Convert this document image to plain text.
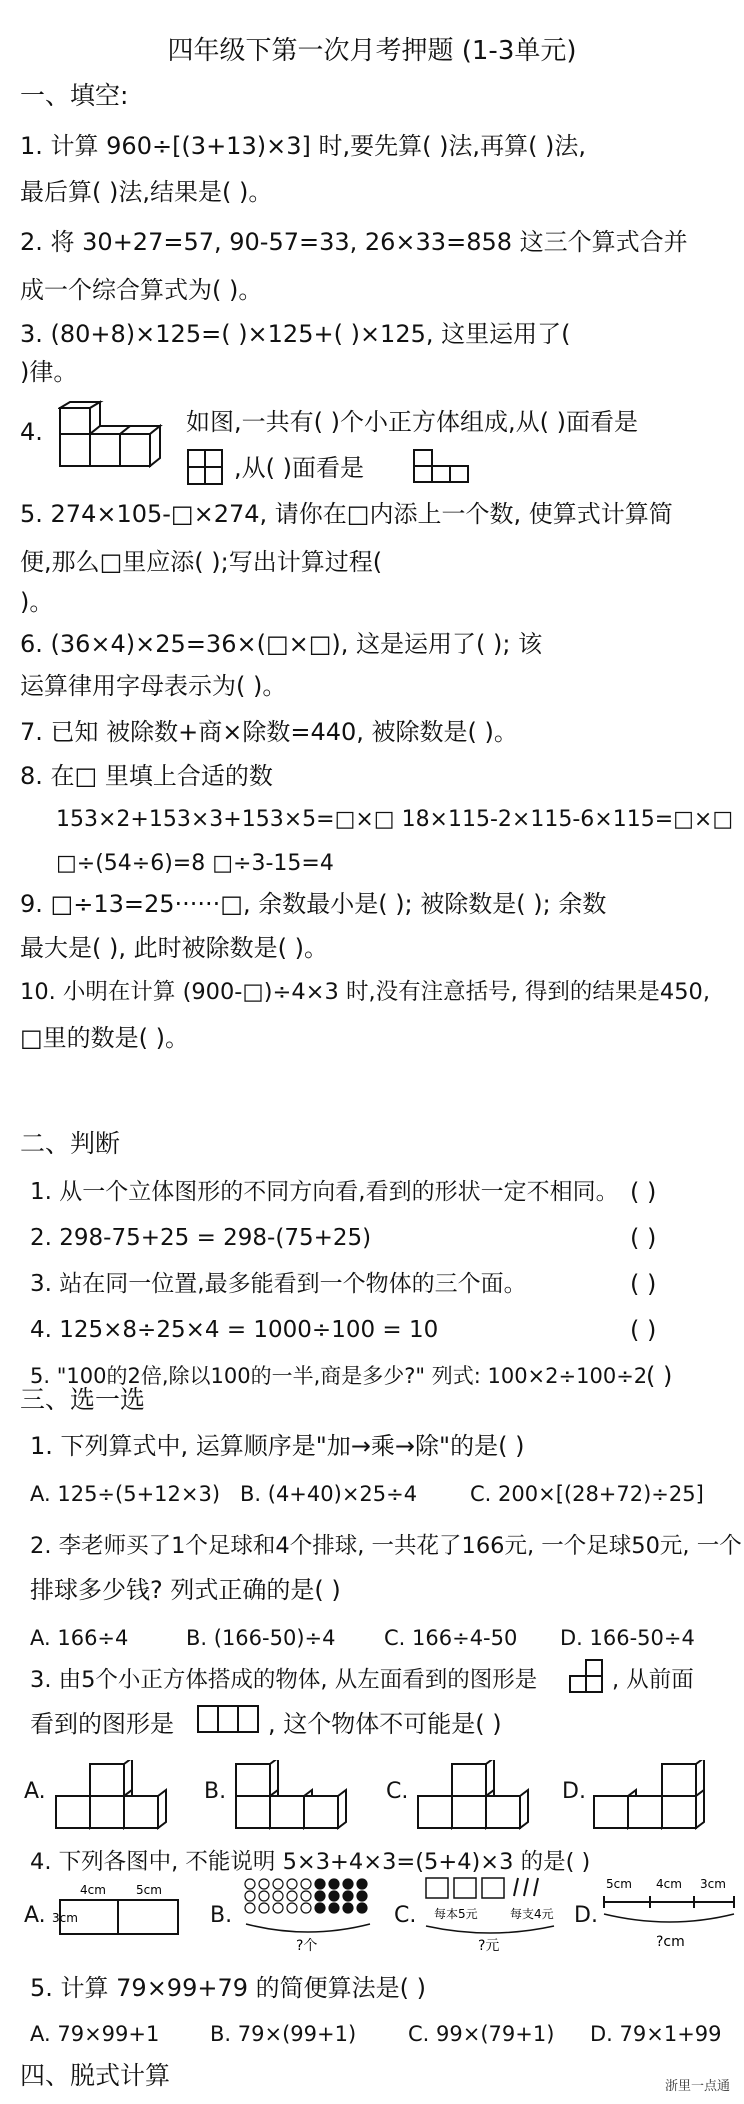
四年级下第一次月考押题 (1-3单元)
一、填空:
1. 计算 960÷[(3+13)×3] 时,要先算( )法,再算( )法,
最后算( )法,结果是( )。
2. 将 30+27=57, 90-57=33, 26×33=858 这三个算式合并
成一个综合算式为( )。
3. (80+8)×125=( )×125+( )×125, 这里运用了(
)律。
4.	如图,一共有( )个小正方体组成,从( )面看是
,从( )面看是
5. 274×105-□×274, 请你在□内添上一个数, 使算式计算简
便,那么□里应添( );写出计算过程(
)。
6. (36×4)×25=36×(□×□), 这是运用了( ); 该
运算律用字母表示为( )。
7. 已知 被除数+商×除数=440, 被除数是( )。
8. 在□ 里填上合适的数
153×2+153×3+153×5=□×□ 18×115-2×115-6×115=□×□
□÷(54÷6)=8 □÷3-15=4
9. □÷13=25······□, 余数最小是( ); 被除数是( ); 余数
最大是( ), 此时被除数是( )。
10. 小明在计算 (900-□)÷4×3 时,没有注意括号, 得到的结果是450,
□里的数是( )。
二、判断
1. 从一个立体图形的不同方向看,看到的形状一定不相同。 ( )
2. 298-75+25 = 298-(75+25)	( )
3. 站在同一位置,最多能看到一个物体的三个面。	( )
4. 125×8÷25×4 = 1000÷100 = 10	( )
5. "100的2倍,除以100的一半,商是多少?" 列式: 100×2÷100÷2
( )
三、选一选
1. 下列算式中, 运算顺序是"加→乘→除"的是( )
A. 125÷(5+12×3) B. (4+40)×25÷4	C. 200×[(28+72)÷25]
2. 李老师买了1个足球和4个排球, 一共花了166元, 一个足球50元, 一个
排球多少钱? 列式正确的是( )
A. 166÷4	B. (166-50)÷4 C. 166÷4-50 D. 166-50÷4
3. 由5个小正方体搭成的物体, 从左面看到的图形是	, 从前面
看到的图形是	, 这个物体不可能是( )
A.	B.	C.	D.
4. 下列各图中, 不能说明 5×3+4×3=(5+4)×3 的是( )
A.	B.	C.	D.
3cm
4cm	5cm
?个
每本5元	每支4元
?元
5cm 4cm 3cm
?cm
5. 计算 79×99+79 的简便算法是( )
A. 79×99+1 B. 79×(99+1) C. 99×(79+1) D. 79×1+99
四、脱式计算	浙里一点通
